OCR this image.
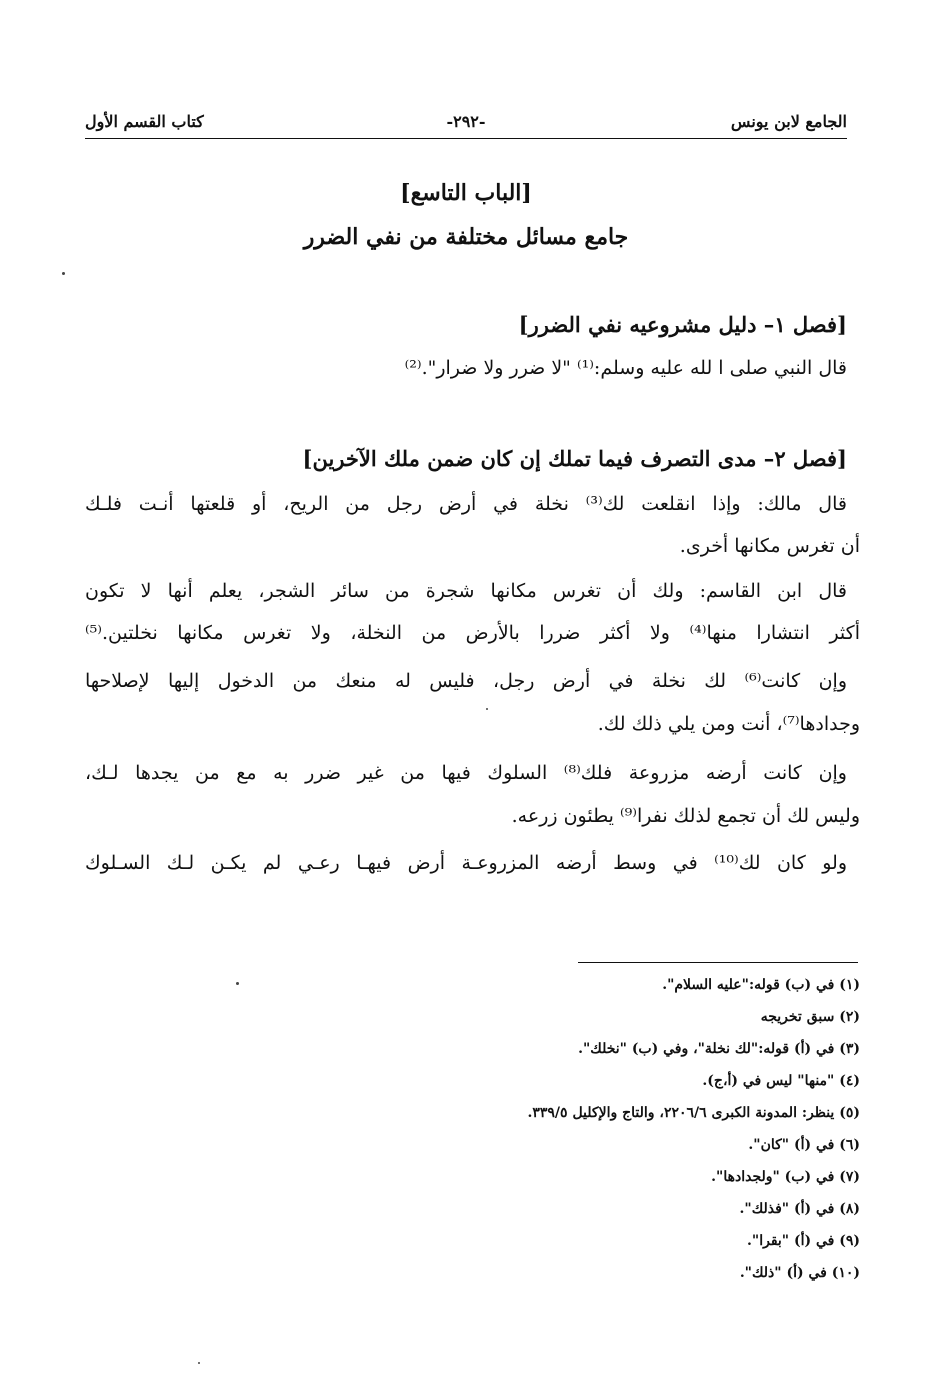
الجامع لابن يونس
-٢٩٢-
كتاب القسم الأول
[الباب التاسع]
جامع مسائل مختلفة من نفي الضرر
[فصل ١– دليل مشروعيه نفي الضرر]
قال النبي صلى ا لله عليه وسلم:⁽¹⁾ "لا ضرر ولا ضرار".⁽²⁾
[فصل ٢– مدى التصرف فيما تملك إن كان ضمن ملك الآخرين]
قال مالك: وإذا انقلعت لك⁽³⁾ نخلة في أرض رجل من الريح، أو قلعتها أنـت فلـك
أن تغرس مكانها أخرى.
قال ابن القاسم: ولك أن تغرس مكانها شجرة من سائر الشجر، يعلم أنها لا تكون
أكثر انتشارا منها⁽⁴⁾ ولا أكثر ضررا بالأرض من النخلة، ولا تغرس مكانها نخلتين.⁽⁵⁾
وإن كانت⁽⁶⁾ لك نخلة في أرض رجل، فليس له منعك من الدخول إليها لإصلاحها
وجدادها⁽⁷⁾، أنت ومن يلي ذلك لك.
وإن كانت أرضه مزروعة فلك⁽⁸⁾ السلوك فيها من غير ضرر به مع من يجدها لـك،
وليس لك أن تجمع لذلك نفرا⁽⁹⁾ يطئون زرعه.
ولو كان لك⁽¹⁰⁾ في وسط أرضه المزروعـة أرض فيهـا رعـي لم يكـن لـك السـلوك
(١) في (ب) قوله:"عليه السلام".
(٢) سبق تخريجه
(٣) في (أ) قوله:"لك نخلة"، وفي (ب) "نخلك".
(٤) "منها" ليس في (أ،ج).
(٥) ينظر: المدونة الكبرى ٢٢٠٦/٦، والتاج والإكليل ٣٣٩/٥.
(٦) في (أ) "كان".
(٧) في (ب) "ولجدادها".
(٨) في (أ) "فذلك".
(٩) في (أ) "بقرا".
(١٠) في (أ) "ذلك".
